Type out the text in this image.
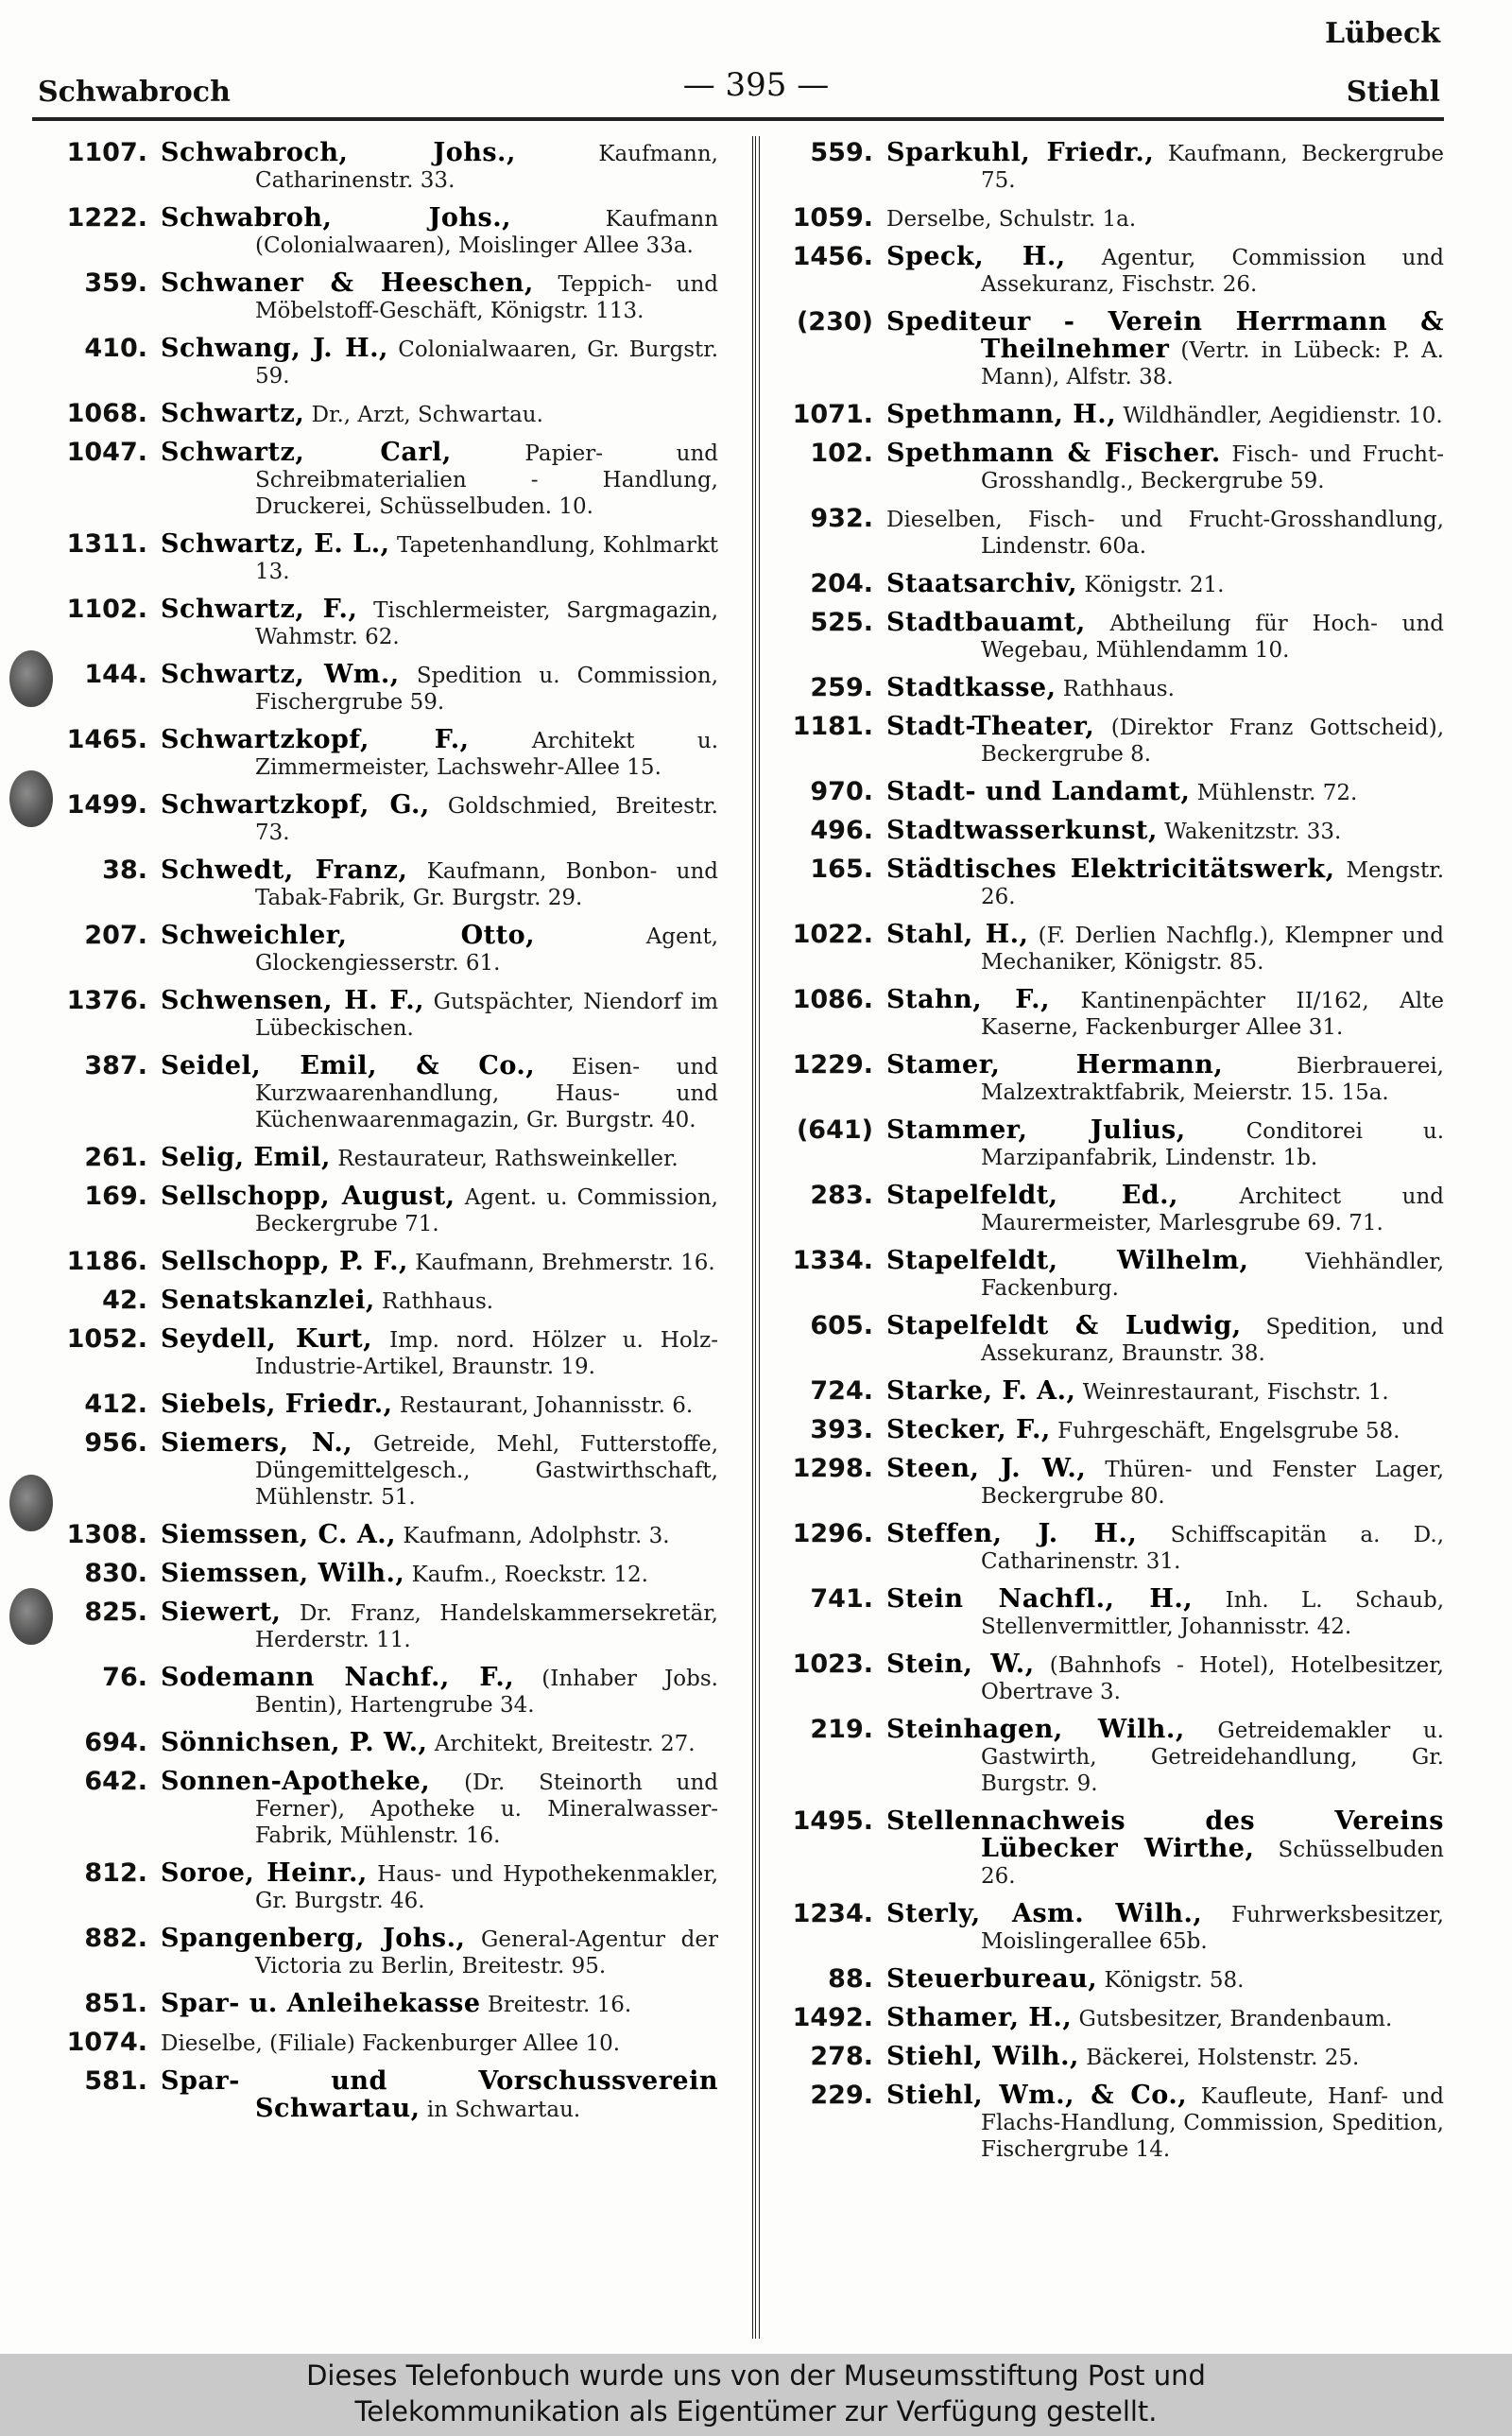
Lübeck
Schwabroch	— 395 —	Stiehl
1107. Schwabroch, Johs.,	Kaufmann, Catharinenstr. 33.
1222. Schwabroh, Johs.,	Kaufmann (Colonialwaaren), Moislinger Allee 33a.
359. Schwaner & Heeschen, Teppich- und Möbelstoff-Geschäft, Königstr. 113.
410. Schwang, J. H., Colonialwaaren, Gr. Burgstr. 59.
1068. Schwartz, Dr., Arzt, Schwartau.
1047. Schwartz, Carl,	Papier- und Schreibmaterialien - Handlung, Druckerei, Schüsselbuden. 10.
1311. Schwartz, E. L., Tapetenhandlung, Kohlmarkt 13.
1102. Schwartz, F., Tischlermeister, Sargmagazin, Wahmstr. 62.
144. Schwartz, Wm., Spedition u. Commission, Fischergrube 59.
1465. Schwartzkopf, F.,	Architekt u. Zimmermeister, Lachswehr-Allee 15.
1499. Schwartzkopf, G., Goldschmied, Breitestr. 73.
38. Schwedt, Franz, Kaufmann, Bonbon- und Tabak-Fabrik, Gr. Burgstr. 29.
207. Schweichler, Otto,	Agent, Glockengiesserstr. 61.
1376. Schwensen, H. F., Gutspächter, Niendorf im Lübeckischen.
387. Seidel, Emil, & Co., Eisen- und Kurzwaarenhandlung, Haus- und Küchenwaarenmagazin, Gr. Burgstr. 40.
261. Selig, Emil, Restaurateur, Rathsweinkeller.
169. Sellschopp, August, Agent. u. Commission, Beckergrube 71.
1186. Sellschopp, P. F., Kaufmann, Brehmerstr. 16.
42. Senatskanzlei, Rathhaus.
1052. Seydell, Kurt, Imp. nord. Hölzer u. Holz-Industrie-Artikel, Braunstr. 19.
412. Siebels, Friedr., Restaurant, Johannisstr. 6.
956. Siemers, N., Getreide, Mehl, Futterstoffe, Düngemittelgesch., Gastwirthschaft, Mühlenstr. 51.
1308. Siemssen, C. A., Kaufmann, Adolphstr. 3.
830. Siemssen, Wilh., Kaufm., Roeckstr. 12.
825. Siewert, Dr. Franz, Handelskammersekretär, Herderstr. 11.
76. Sodemann Nachf., F., (Inhaber Jobs. Bentin), Hartengrube 34.
694. Sönnichsen, P. W., Architekt, Breitestr. 27.
642. Sonnen-Apotheke, (Dr. Steinorth und Ferner), Apotheke u. Mineralwasser-Fabrik, Mühlenstr. 16.
812. Soroe, Heinr., Haus- und Hypothekenmakler, Gr. Burgstr. 46.
882. Spangenberg, Johs., General-Agentur der Victoria zu Berlin, Breitestr. 95.
851. Spar- u. Anleihekasse Breitestr. 16.
1074. Dieselbe, (Filiale) Fackenburger Allee 10.
581. Spar- und Vorschussverein Schwartau, in Schwartau.
559. Sparkuhl, Friedr., Kaufmann, Beckergrube 75.
1059. Derselbe, Schulstr. 1a.
1456. Speck, H., Agentur, Commission und Assekuranz, Fischstr. 26.
(230) Spediteur - Verein Herrmann & Theilnehmer (Vertr. in Lübeck: P. A. Mann), Alfstr. 38.
1071. Spethmann, H., Wildhändler, Aegidienstr. 10.
102. Spethmann & Fischer. Fisch- und Frucht-Grosshandlg., Beckergrube 59.
932. Dieselben, Fisch- und Frucht-Grosshandlung, Lindenstr. 60a.
204. Staatsarchiv, Königstr. 21.
525. Stadtbauamt, Abtheilung für Hoch- und Wegebau, Mühlendamm 10.
259. Stadtkasse, Rathhaus.
1181. Stadt-Theater, (Direktor Franz Gottscheid), Beckergrube 8.
970. Stadt- und Landamt, Mühlenstr. 72.
496. Stadtwasserkunst, Wakenitzstr. 33.
165. Städtisches Elektricitätswerk, Mengstr. 26.
1022. Stahl, H., (F. Derlien Nachflg.), Klempner und Mechaniker, Königstr. 85.
1086. Stahn, F., Kantinenpächter II/162, Alte Kaserne, Fackenburger Allee 31.
1229. Stamer, Hermann,	Bierbrauerei, Malzextraktfabrik, Meierstr. 15. 15a.
(641) Stammer, Julius,	Conditorei u. Marzipanfabrik, Lindenstr. 1b.
283. Stapelfeldt, Ed.,	Architect und Maurermeister, Marlesgrube 69. 71.
1334. Stapelfeldt, Wilhelm,	Viehhändler, Fackenburg.
605. Stapelfeldt & Ludwig, Spedition, und Assekuranz, Braunstr. 38.
724. Starke, F. A., Weinrestaurant, Fischstr. 1.
393. Stecker, F., Fuhrgeschäft, Engelsgrube 58.
1298. Steen, J. W., Thüren- und Fenster Lager, Beckergrube 80.
1296. Steffen, J. H., Schiffscapitän a. D., Catharinenstr. 31.
741. Stein Nachfl., H., Inh. L. Schaub, Stellenvermittler, Johannisstr. 42.
1023. Stein, W., (Bahnhofs - Hotel), Hotelbesitzer, Obertrave 3.
219. Steinhagen, Wilh., Getreidemakler u. Gastwirth, Getreidehandlung, Gr. Burgstr. 9.
1495. Stellennachweis des Vereins Lübecker Wirthe, Schüsselbuden 26.
1234. Sterly, Asm. Wilh., Fuhrwerksbesitzer, Moislingerallee 65b.
88. Steuerbureau, Königstr. 58.
1492. Sthamer, H., Gutsbesitzer, Brandenbaum.
278. Stiehl, Wilh., Bäckerei, Holstenstr. 25.
229. Stiehl, Wm., & Co., Kaufleute, Hanf- und Flachs-Handlung, Commission, Spedition, Fischergrube 14.
Dieses Telefonbuch wurde uns von der Museumsstiftung Post und
Telekommunikation als Eigentümer zur Verfügung gestellt.
